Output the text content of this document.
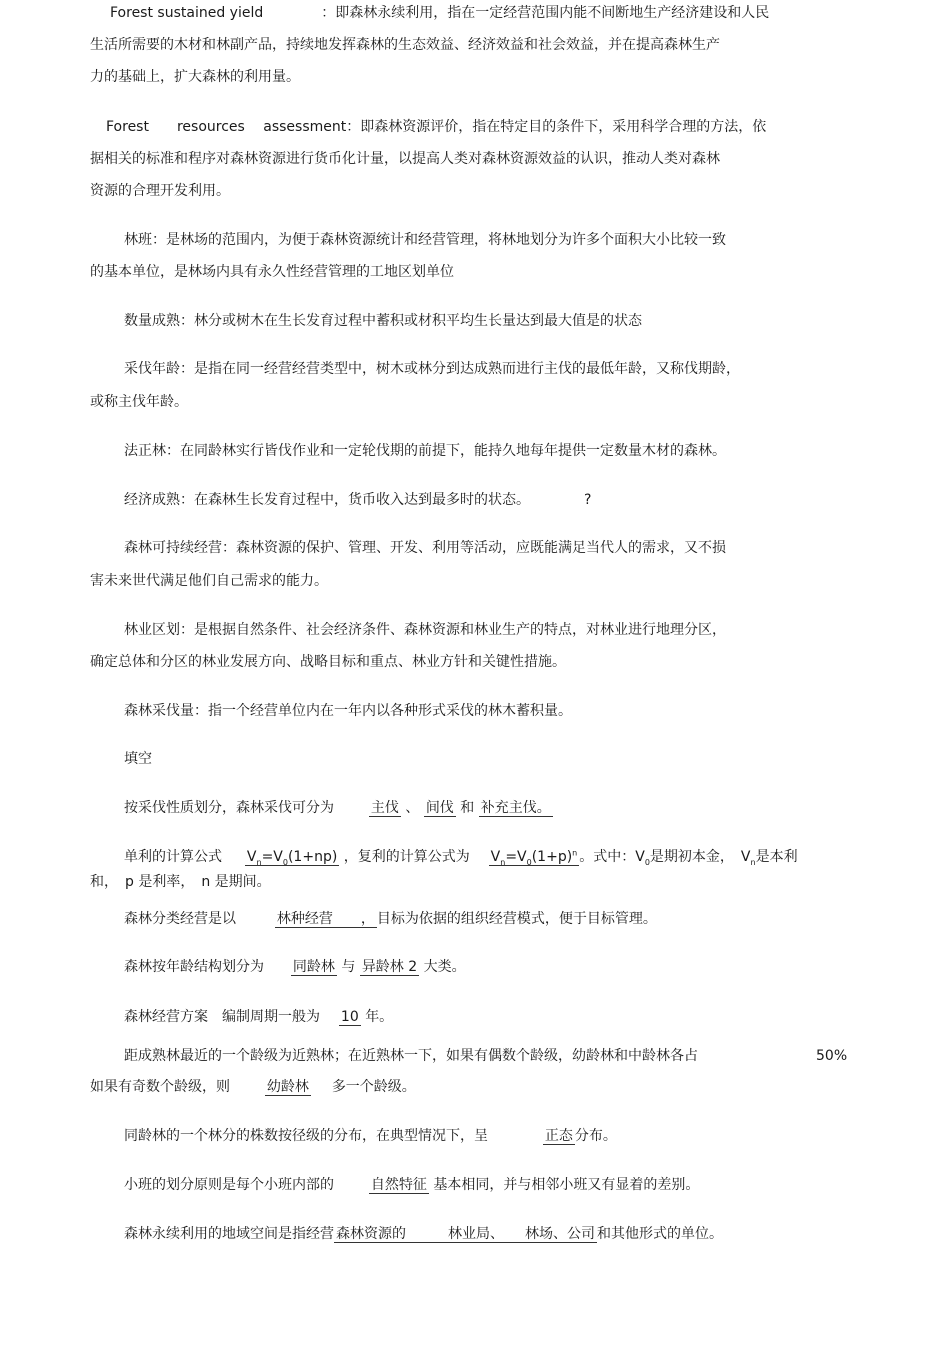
Forest sustained yield	：即森林永续利用，指在一定经营范围内能不间断地生产经济建设和人民
生活所需要的木材和林副产品，持续地发挥森林的生态效益、经济效益和社会效益，并在提高森林生产
力的基础上，扩大森林的利用量。
Forest　　resources　 assessment：即森林资源评价，指在特定目的条件下，采用科学合理的方法，依
据相关的标准和程序对森林资源进行货币化计量，以提高人类对森林资源效益的认识，推动人类对森林
资源的合理开发利用。
林班：是林场的范围内，为便于森林资源统计和经营管理，将林地划分为许多个面积大小比较一致
的基本单位，是林场内具有永久性经营管理的工地区划单位
数量成熟：林分或树木在生长发育过程中蓄积或材积平均生长量达到最大值是的状态
采伐年龄：是指在同一经营经营类型中，树木或林分到达成熟而进行主伐的最低年龄，又称伐期龄，
或称主伐年龄。
法正林：在同龄林实行皆伐作业和一定轮伐期的前提下，能持久地每年提供一定数量木材的森林。
经济成熟：在森林生长发育过程中，货币收入达到最多时的状态。	?
森林可持续经营：森林资源的保护、管理、开发、利用等活动，应既能满足当代人的需求，又不损
害未来世代满足他们自己需求的能力。
林业区划：是根据自然条件、社会经济条件、森林资源和林业生产的特点，对林业进行地理分区，
确定总体和分区的林业发展方向、战略目标和重点、林业方针和关键性措施。
森林采伐量：指一个经营单位内在一年内以各种形式采伐的林木蓄积量。
填空
按采伐性质划分，森林采伐可分为	主伐 、 间伐 和 补充主伐。
单利的计算公式 $V_n=V_0(1+np)$ ，复利的计算公式为 $V_n=V_0(1+p)^n$ 。式中：$V_0$是期初本金，　$V_n$是本利
和，　p 是利率，　n 是期间。
森林分类经营是以	林种经营　　， 目标为依据的组织经营模式，便于目标管理。
森林按年龄结构划分为 同龄林 与 异龄林 2 大类。
森林经营方案　编制周期一般为 10 年。
距成熟林最近的一个龄级为近熟林；在近熟林一下，如果有偶数个龄级，幼龄林和中龄林各占	50%
如果有奇数个龄级，则	幼龄林 多一个龄级。
同龄林的一个林分的株数按径级的分布，在典型情况下，呈	正态 分布。
小班的划分原则是每个小班内部的	自然特征 基本相同，并与相邻小班又有显着的差别。
森林永续利用的地域空间是指经营 森林资源的　　　林业局、　　林场、公司 和其他形式的单位。
